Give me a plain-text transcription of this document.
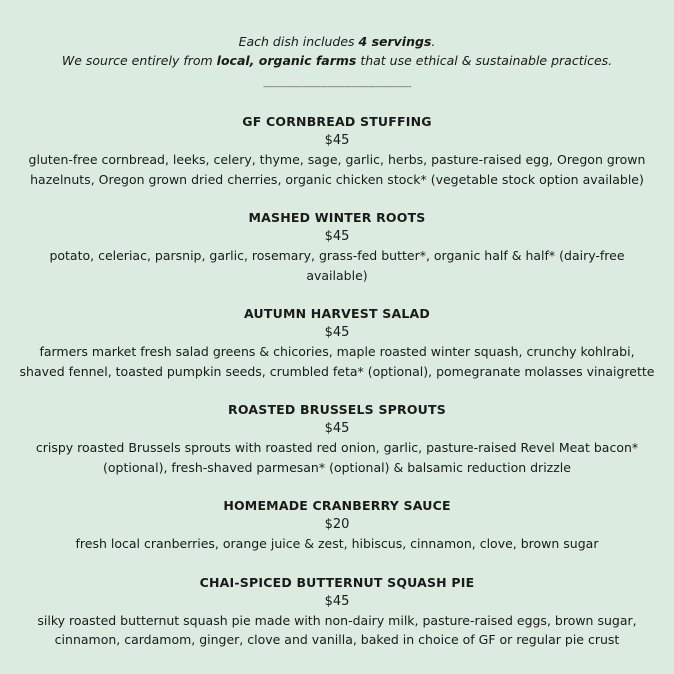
Each dish includes 4 servings.
We source entirely from local, organic farms that use ethical & sustainable practices.
--------------------------------------------------------------
GF CORNBREAD STUFFING
$45
gluten-free cornbread, leeks, celery, thyme, sage, garlic, herbs, pasture-raised egg, Oregon grown hazelnuts, Oregon grown dried cherries, organic chicken stock* (vegetable stock option available)
MASHED WINTER ROOTS
$45
potato, celeriac, parsnip, garlic, rosemary, grass-fed butter*, organic half & half* (dairy-free available)
AUTUMN HARVEST SALAD
$45
farmers market fresh salad greens & chicories, maple roasted winter squash, crunchy kohlrabi, shaved fennel, toasted pumpkin seeds, crumbled feta* (optional), pomegranate molasses vinaigrette
ROASTED BRUSSELS SPROUTS
$45
crispy roasted Brussels sprouts with roasted red onion, garlic, pasture-raised Revel Meat bacon* (optional), fresh-shaved parmesan* (optional) & balsamic reduction drizzle
HOMEMADE CRANBERRY SAUCE
$20
fresh local cranberries, orange juice & zest, hibiscus, cinnamon, clove, brown sugar
CHAI-SPICED BUTTERNUT SQUASH PIE
$45
silky roasted butternut squash pie made with non-dairy milk, pasture-raised eggs, brown sugar, cinnamon, cardamom, ginger, clove and vanilla, baked in choice of GF or regular pie crust
